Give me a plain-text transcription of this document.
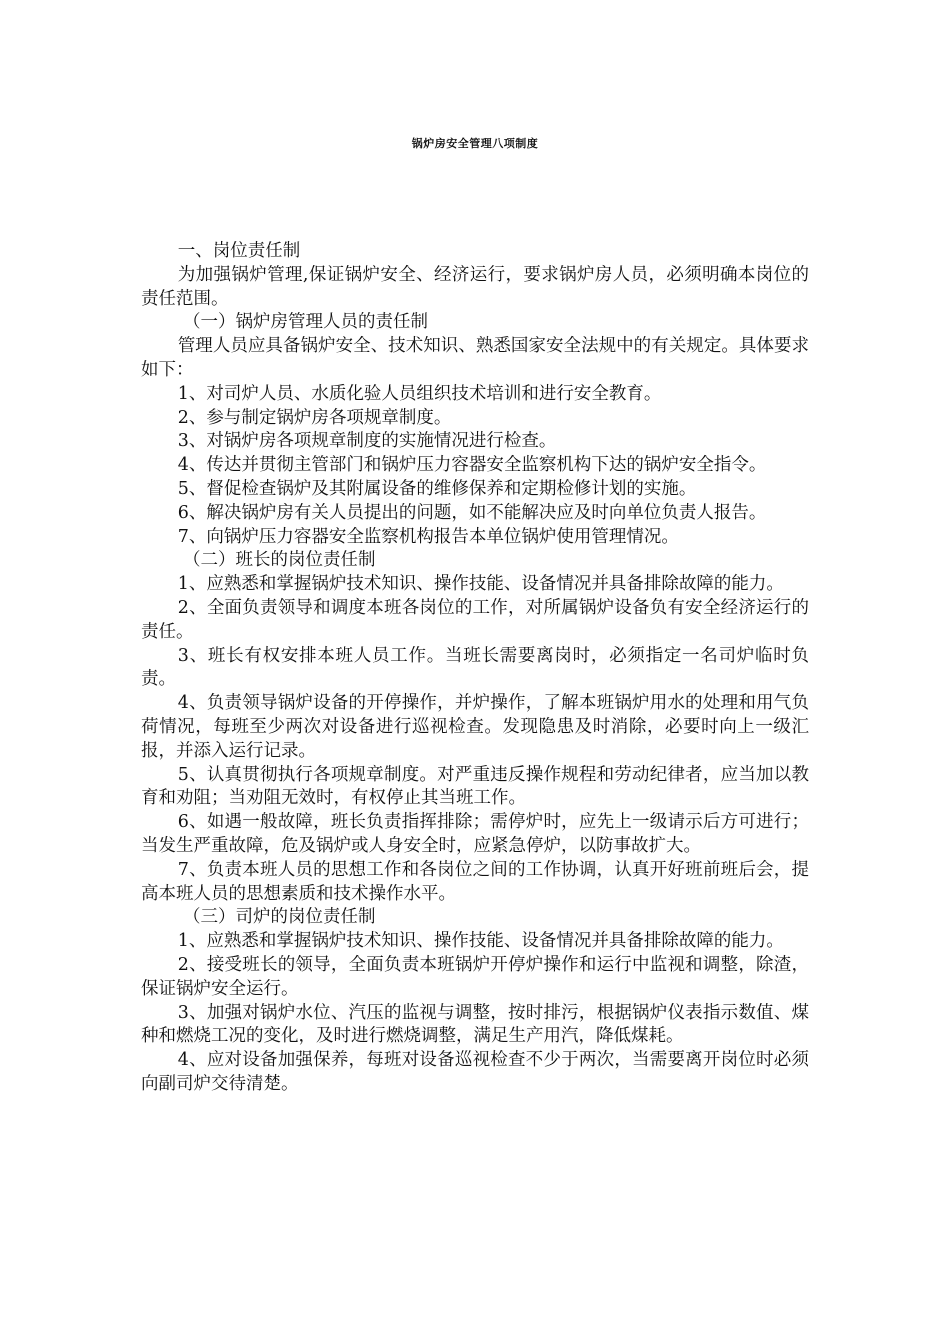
锅炉房安全管理八项制度

一、岗位责任制

为加强锅炉管理,保证锅炉安全、经济运行，要求锅炉房人员，必须明确本岗位的责任范围。

（一）锅炉房管理人员的责任制

管理人员应具备锅炉安全、技术知识、熟悉国家安全法规中的有关规定。具体要求如下：

1、对司炉人员、水质化验人员组织技术培训和进行安全教育。

2、参与制定锅炉房各项规章制度。

3、对锅炉房各项规章制度的实施情况进行检查。

4、传达并贯彻主管部门和锅炉压力容器安全监察机构下达的锅炉安全指令。

5、督促检查锅炉及其附属设备的维修保养和定期检修计划的实施。

6、解决锅炉房有关人员提出的问题，如不能解决应及时向单位负责人报告。

7、向锅炉压力容器安全监察机构报告本单位锅炉使用管理情况。

（二）班长的岗位责任制

1、应熟悉和掌握锅炉技术知识、操作技能、设备情况并具备排除故障的能力。

2、全面负责领导和调度本班各岗位的工作，对所属锅炉设备负有安全经济运行的责任。

3、班长有权安排本班人员工作。当班长需要离岗时，必须指定一名司炉临时负责。

4、负责领导锅炉设备的开停操作，并炉操作，了解本班锅炉用水的处理和用气负荷情况，每班至少两次对设备进行巡视检查。发现隐患及时消除，必要时向上一级汇报，并添入运行记录。

5、认真贯彻执行各项规章制度。对严重违反操作规程和劳动纪律者，应当加以教育和劝阻；当劝阻无效时，有权停止其当班工作。

6、如遇一般故障，班长负责指挥排除；需停炉时，应先上一级请示后方可进行；当发生严重故障，危及锅炉或人身安全时，应紧急停炉，以防事故扩大。

7、负责本班人员的思想工作和各岗位之间的工作协调，认真开好班前班后会，提高本班人员的思想素质和技术操作水平。

（三）司炉的岗位责任制

1、应熟悉和掌握锅炉技术知识、操作技能、设备情况并具备排除故障的能力。

2、接受班长的领导，全面负责本班锅炉开停炉操作和运行中监视和调整，除渣，保证锅炉安全运行。

3、加强对锅炉水位、汽压的监视与调整，按时排污，根据锅炉仪表指示数值、煤种和燃烧工况的变化，及时进行燃烧调整，满足生产用汽，降低煤耗。

4、应对设备加强保养，每班对设备巡视检查不少于两次，当需要离开岗位时必须向副司炉交待清楚。
